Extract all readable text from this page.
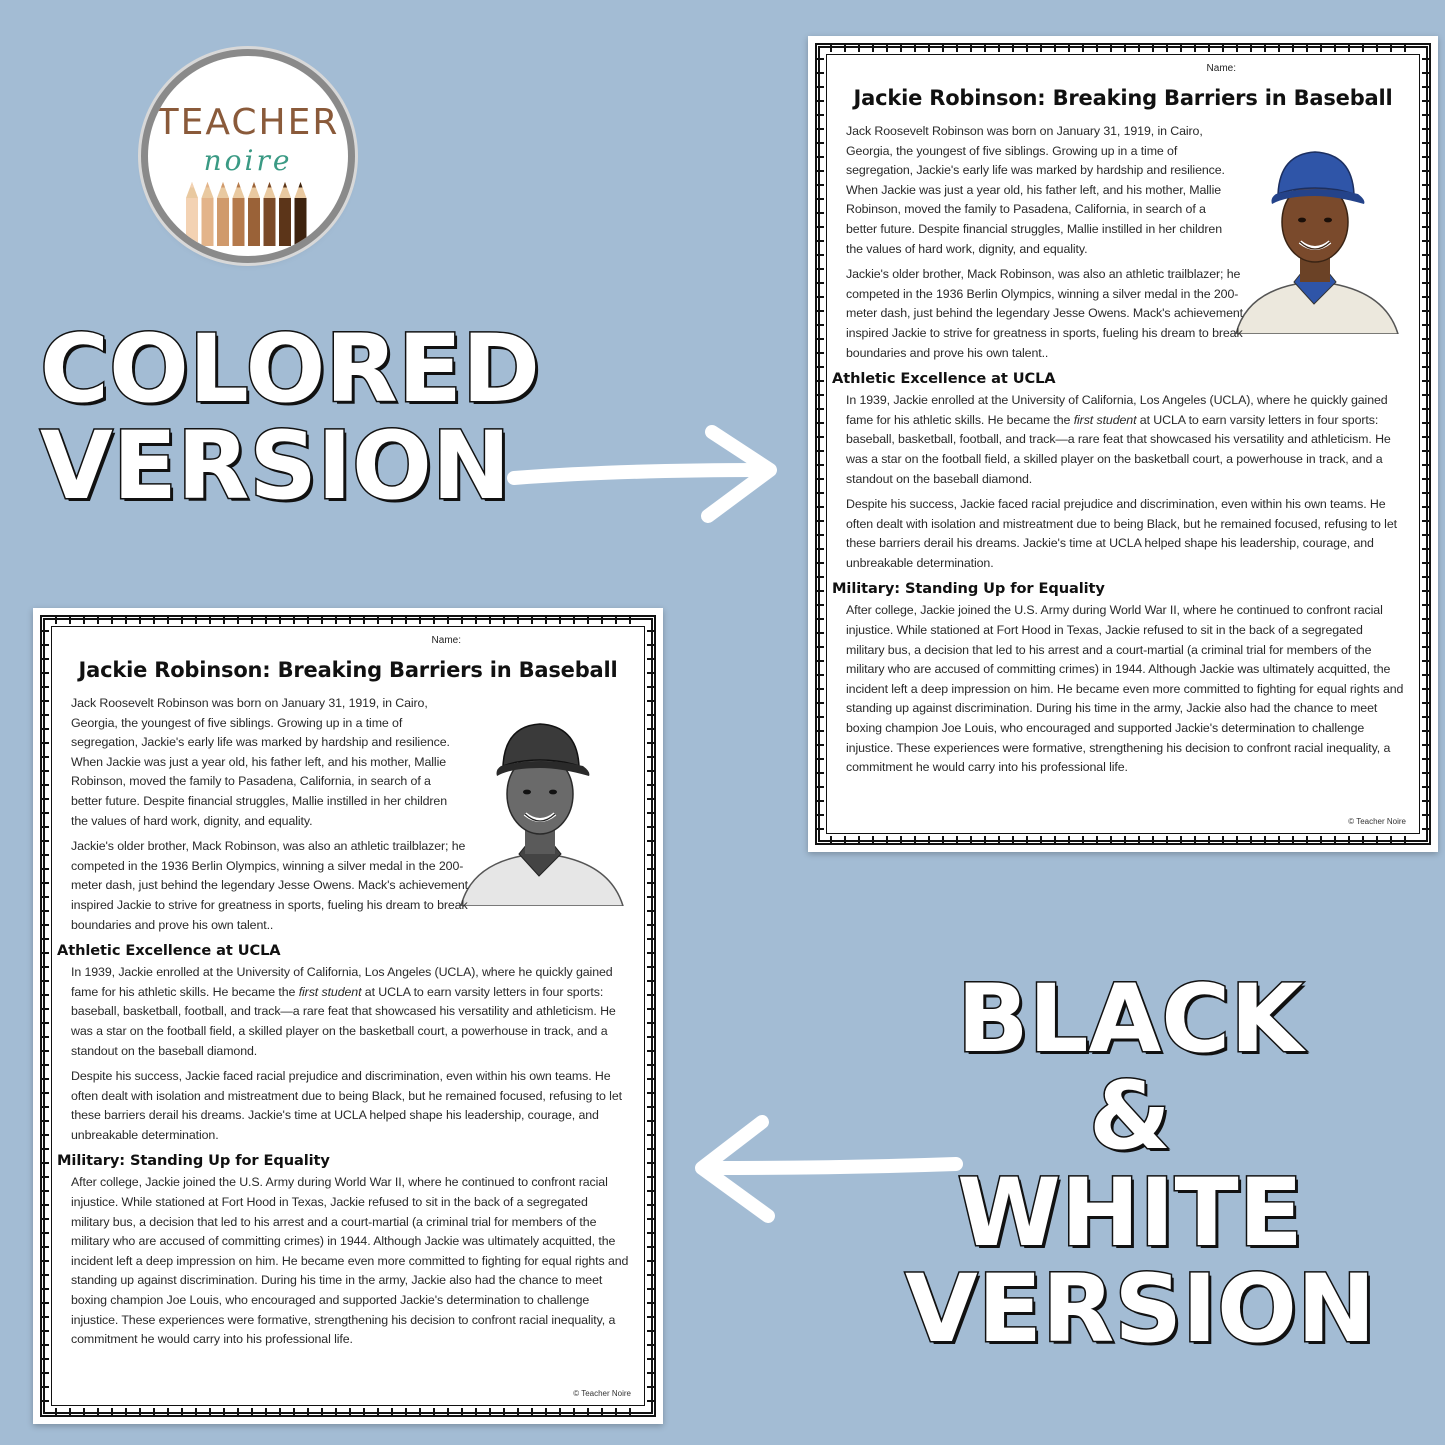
TEACHER
noire
COLORED
VERSION
BLACK &
WHITE
VERSION
Name:
Jackie Robinson: Breaking Barriers in Baseball

Jack Roosevelt Robinson was born on January 31, 1919, in Cairo, Georgia, the youngest of five siblings. Growing up in a time of segregation, Jackie's early life was marked by hardship and resilience. When Jackie was just a year old, his father left, and his mother, Mallie Robinson, moved the family to Pasadena, California, in search of a better future. Despite financial struggles, Mallie instilled in her children the values of hard work, dignity, and equality.

Jackie's older brother, Mack Robinson, was also an athletic trailblazer; he competed in the 1936 Berlin Olympics, winning a silver medal in the 200-meter dash, just behind the legendary Jesse Owens. Mack's achievement inspired Jackie to strive for greatness in sports, fueling his dream to break boundaries and prove his own talent..

Athletic Excellence at UCLA

In 1939, Jackie enrolled at the University of California, Los Angeles (UCLA), where he quickly gained fame for his athletic skills. He became the first student at UCLA to earn varsity letters in four sports: baseball, basketball, football, and track—a rare feat that showcased his versatility and athleticism. He was a star on the football field, a skilled player on the basketball court, a powerhouse in track, and a standout on the baseball diamond.

Despite his success, Jackie faced racial prejudice and discrimination, even within his own teams. He often dealt with isolation and mistreatment due to being Black, but he remained focused, refusing to let these barriers derail his dreams. Jackie's time at UCLA helped shape his leadership, courage, and unbreakable determination.

Military: Standing Up for Equality

After college, Jackie joined the U.S. Army during World War II, where he continued to confront racial injustice. While stationed at Fort Hood in Texas, Jackie refused to sit in the back of a segregated military bus, a decision that led to his arrest and a court-martial (a criminal trial for members of the military who are accused of committing crimes) in 1944. Although Jackie was ultimately acquitted, the incident left a deep impression on him. He became even more committed to fighting for equal rights and standing up against discrimination. During his time in the army, Jackie also had the chance to meet boxing champion Joe Louis, who encouraged and supported Jackie's determination to challenge injustice. These experiences were formative, strengthening his decision to confront racial inequality, a commitment he would carry into his professional life.

© Teacher Noire
Name:
Jackie Robinson: Breaking Barriers in Baseball

Jack Roosevelt Robinson was born on January 31, 1919, in Cairo, Georgia, the youngest of five siblings. Growing up in a time of segregation, Jackie's early life was marked by hardship and resilience. When Jackie was just a year old, his father left, and his mother, Mallie Robinson, moved the family to Pasadena, California, in search of a better future. Despite financial struggles, Mallie instilled in her children the values of hard work, dignity, and equality.

Jackie's older brother, Mack Robinson, was also an athletic trailblazer; he competed in the 1936 Berlin Olympics, winning a silver medal in the 200-meter dash, just behind the legendary Jesse Owens. Mack's achievement inspired Jackie to strive for greatness in sports, fueling his dream to break boundaries and prove his own talent..

Athletic Excellence at UCLA

In 1939, Jackie enrolled at the University of California, Los Angeles (UCLA), where he quickly gained fame for his athletic skills. He became the first student at UCLA to earn varsity letters in four sports: baseball, basketball, football, and track—a rare feat that showcased his versatility and athleticism. He was a star on the football field, a skilled player on the basketball court, a powerhouse in track, and a standout on the baseball diamond.

Despite his success, Jackie faced racial prejudice and discrimination, even within his own teams. He often dealt with isolation and mistreatment due to being Black, but he remained focused, refusing to let these barriers derail his dreams. Jackie's time at UCLA helped shape his leadership, courage, and unbreakable determination.

Military: Standing Up for Equality

After college, Jackie joined the U.S. Army during World War II, where he continued to confront racial injustice. While stationed at Fort Hood in Texas, Jackie refused to sit in the back of a segregated military bus, a decision that led to his arrest and a court-martial (a criminal trial for members of the military who are accused of committing crimes) in 1944. Although Jackie was ultimately acquitted, the incident left a deep impression on him. He became even more committed to fighting for equal rights and standing up against discrimination. During his time in the army, Jackie also had the chance to meet boxing champion Joe Louis, who encouraged and supported Jackie's determination to challenge injustice. These experiences were formative, strengthening his decision to confront racial inequality, a commitment he would carry into his professional life.

© Teacher Noire
